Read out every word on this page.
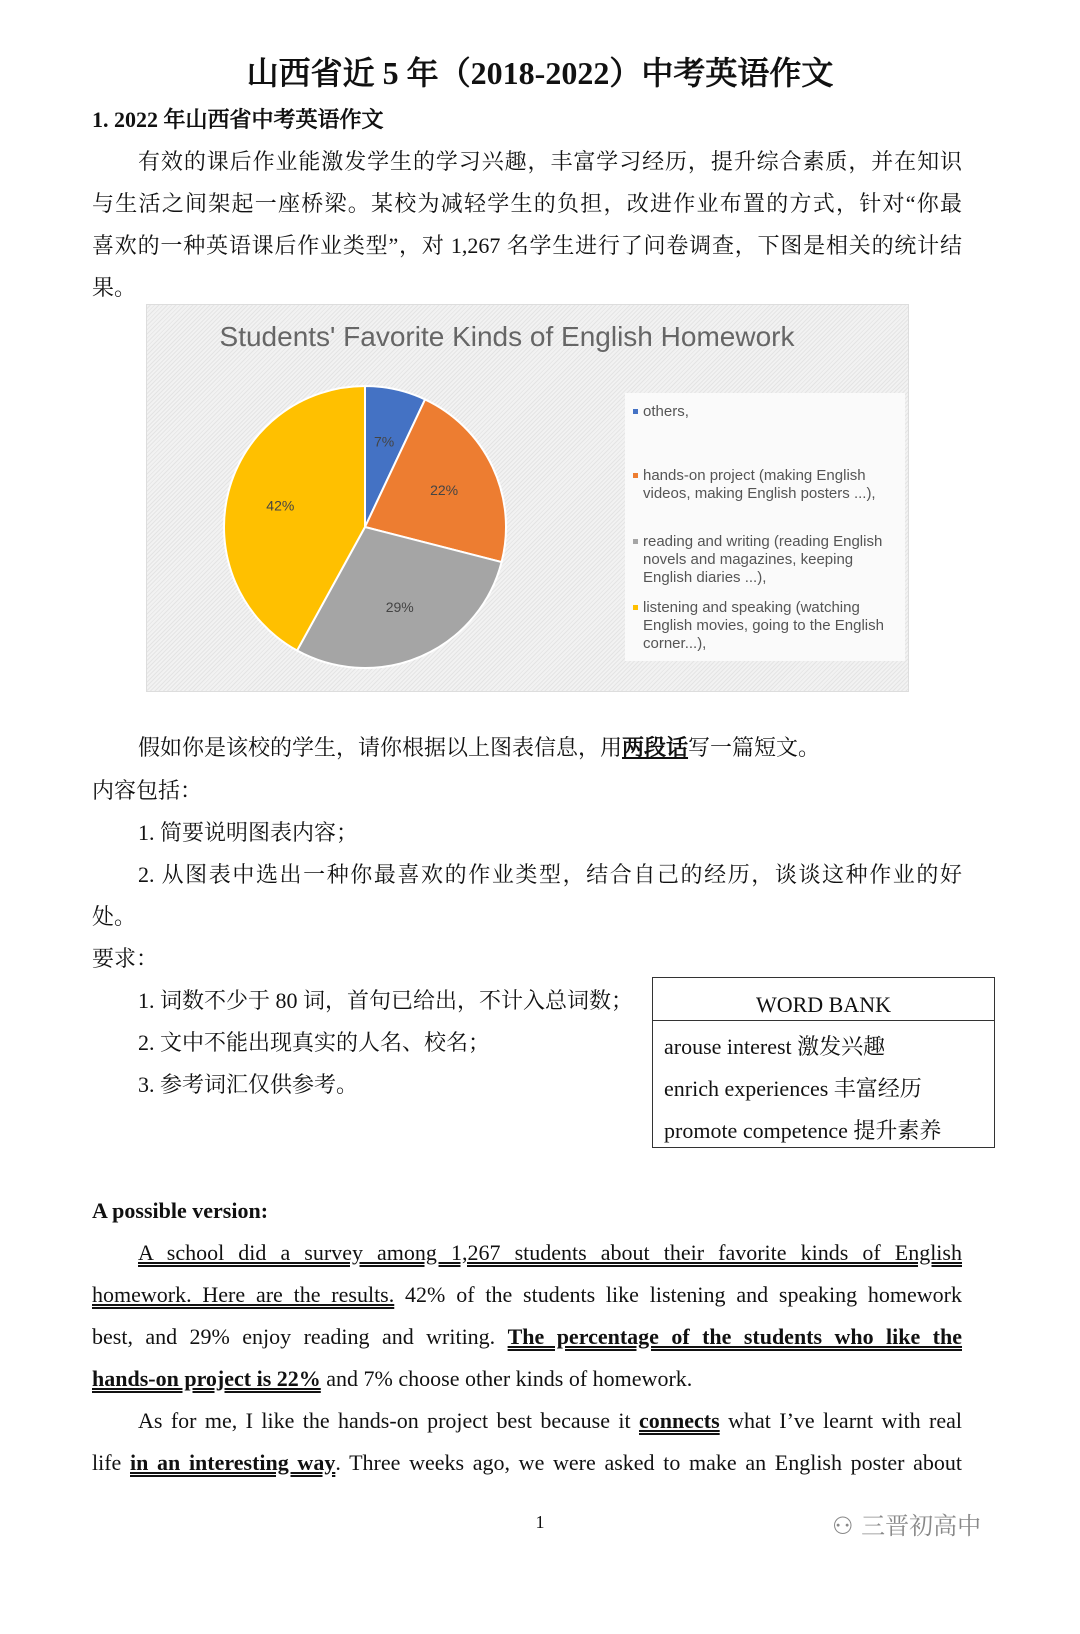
山西省近 5 年（2018-2022）中考英语作文
1. 2022 年山西省中考英语作文
有效的课后作业能激发学生的学习兴趣，丰富学习经历，提升综合素质，并在知识
与生活之间架起一座桥梁。某校为减轻学生的负担，改进作业布置的方式，针对“你最
喜欢的一种英语课后作业类型”，对 1,267 名学生进行了问卷调查，下图是相关的统计结
果。
Students' Favorite Kinds of English Homework
7%
22%
29%
42%
others,
hands-on project (making English videos, making English posters ...),
reading and writing (reading English novels and magazines, keeping English diaries ...),
listening and speaking (watching English movies, going to the English corner...),
假如你是该校的学生，请你根据以上图表信息，用两段话写一篇短文。
内容包括：
1. 简要说明图表内容；
2. 从图表中选出一种你最喜欢的作业类型，结合自己的经历，谈谈这种作业的好
处。
要求：
1. 词数不少于 80 词，首句已给出，不计入总词数；
2. 文中不能出现真实的人名、校名；
3. 参考词汇仅供参考。
WORD BANK
arouse interest 激发兴趣
enrich experiences 丰富经历
promote competence 提升素养
A possible version:
A school did a survey among 1,267 students about their favorite kinds of English
homework. Here are the results. 42% of the students like listening and speaking homework
best, and 29% enjoy reading and writing. The percentage of the students who like the
hands-on project is 22% and 7% choose other kinds of homework.
As for me, I like the hands-on project best because it connects what I’ve learnt with real
life in an interesting way. Three weeks ago, we were asked to make an English poster about
1	⚇ 三晋初高中
